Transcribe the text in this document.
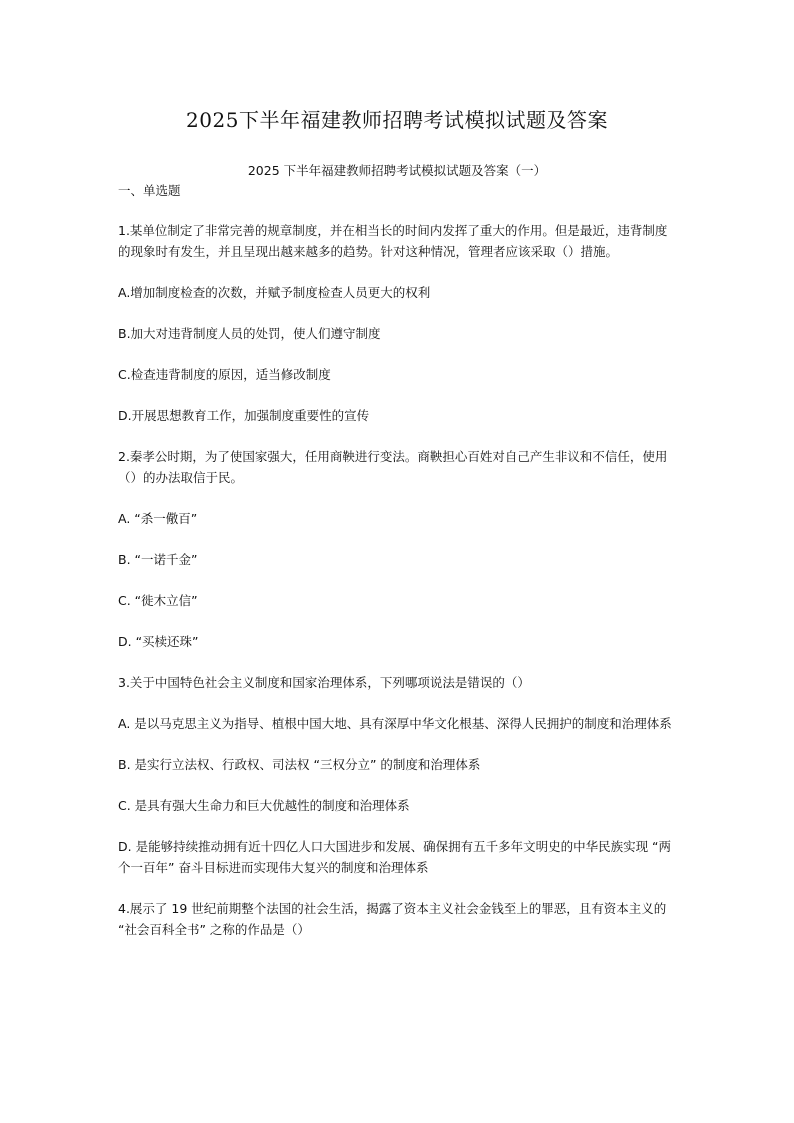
2025下半年福建教师招聘考试模拟试题及答案
2025 下半年福建教师招聘考试模拟试题及答案（一）
一、单选题

1.某单位制定了非常完善的规章制度，并在相当长的时间内发挥了重大的作用。但是最近，违背制度的现象时有发生，并且呈现出越来越多的趋势。针对这种情况，管理者应该采取（）措施。

A.增加制度检查的次数，并赋予制度检查人员更大的权利

B.加大对违背制度人员的处罚，使人们遵守制度

C.检查违背制度的原因，适当修改制度

D.开展思想教育工作，加强制度重要性的宣传

2.秦孝公时期，为了使国家强大，任用商鞅进行变法。商鞅担心百姓对自己产生非议和不信任，使用（）的办法取信于民。

A. “杀一儆百”

B. “一诺千金”

C. “徙木立信”

D. “买椟还珠”

3.关于中国特色社会主义制度和国家治理体系，下列哪项说法是错误的（）

A. 是以马克思主义为指导、植根中国大地、具有深厚中华文化根基、深得人民拥护的制度和治理体系

B. 是实行立法权、行政权、司法权 “三权分立” 的制度和治理体系

C. 是具有强大生命力和巨大优越性的制度和治理体系

D. 是能够持续推动拥有近十四亿人口大国进步和发展、确保拥有五千多年文明史的中华民族实现 “两个一百年” 奋斗目标进而实现伟大复兴的制度和治理体系

4.展示了 19 世纪前期整个法国的社会生活，揭露了资本主义社会金钱至上的罪恶，且有资本主义的 “社会百科全书” 之称的作品是（）
